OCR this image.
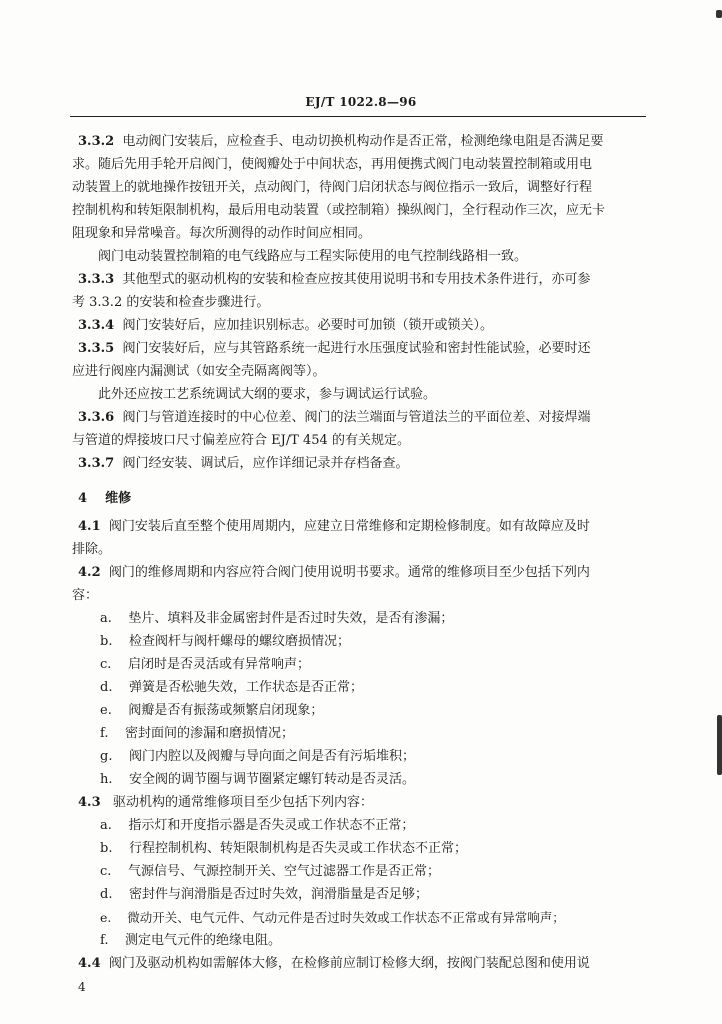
EJ/T 1022.8—96
3.3.2 电动阀门安装后，应检查手、电动切换机构动作是否正常，检测绝缘电阻是否满足要
求。随后先用手轮开启阀门，使阀瓣处于中间状态，再用便携式阀门电动装置控制箱或用电
动装置上的就地操作按钮开关，点动阀门，待阀门启闭状态与阀位指示一致后，调整好行程
控制机构和转矩限制机构，最后用电动装置（或控制箱）操纵阀门，全行程动作三次，应无卡
阻现象和异常噪音。每次所测得的动作时间应相同。
阀门电动装置控制箱的电气线路应与工程实际使用的电气控制线路相一致。
3.3.3 其他型式的驱动机构的安装和检查应按其使用说明书和专用技术条件进行，亦可参
考 3.3.2 的安装和检查步骤进行。
3.3.4 阀门安装好后，应加挂识别标志。必要时可加锁（锁开或锁关）。
3.3.5 阀门安装好后，应与其管路系统一起进行水压强度试验和密封性能试验，必要时还
应进行阀座内漏测试（如安全壳隔离阀等）。
此外还应按工艺系统调试大纲的要求，参与调试运行试验。
3.3.6 阀门与管道连接时的中心位差、阀门的法兰端面与管道法兰的平面位差、对接焊端
与管道的焊接坡口尺寸偏差应符合 EJ/T 454 的有关规定。
3.3.7 阀门经安装、调试后，应作详细记录并存档备查。
4 维修
4.1 阀门安装后直至整个使用周期内，应建立日常维修和定期检修制度。如有故障应及时
排除。
4.2 阀门的维修周期和内容应符合阀门使用说明书要求。通常的维修项目至少包括下列内
容：
a. 垫片、填料及非金属密封件是否过时失效，是否有渗漏；
b. 检查阀杆与阀杆螺母的螺纹磨损情况；
c. 启闭时是否灵活或有异常响声；
d. 弹簧是否松驰失效，工作状态是否正常；
e. 阀瓣是否有振荡或频繁启闭现象；
f. 密封面间的渗漏和磨损情况；
g. 阀门内腔以及阀瓣与导向面之间是否有污垢堆积；
h. 安全阀的调节圈与调节圈紧定螺钉转动是否灵活。
4.3 驱动机构的通常维修项目至少包括下列内容：
a. 指示灯和开度指示器是否失灵或工作状态不正常；
b. 行程控制机构、转矩限制机构是否失灵或工作状态不正常；
c. 气源信号、气源控制开关、空气过滤器工作是否正常；
d. 密封件与润滑脂是否过时失效，润滑脂量是否足够；
e. 微动开关、电气元件、气动元件是否过时失效或工作状态不正常或有异常响声；
f. 测定电气元件的绝缘电阻。
4.4 阀门及驱动机构如需解体大修，在检修前应制订检修大纲，按阀门装配总图和使用说
4
